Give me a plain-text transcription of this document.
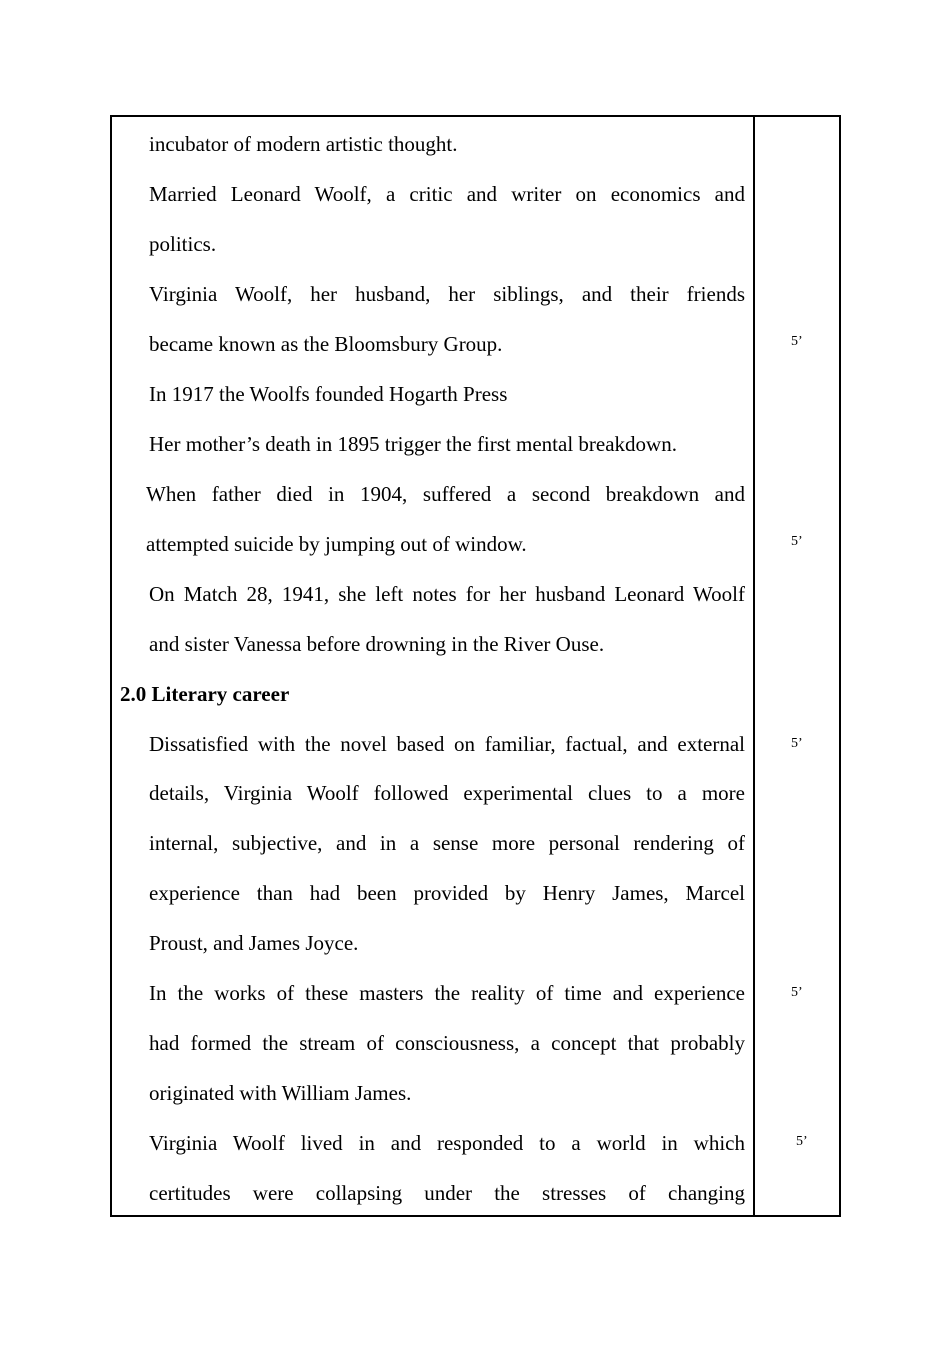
incubator of modern artistic thought.
Married Leonard Woolf, a critic and writer on economics and
politics.
Virginia Woolf, her husband, her siblings, and their friends
became known as the Bloomsbury Group.
In 1917 the Woolfs founded Hogarth Press
Her mother’s death in 1895 trigger the first mental breakdown.
When father died in 1904, suffered a second breakdown and
attempted suicide by jumping out of window.
On Match 28, 1941, she left notes for her husband Leonard Woolf
and sister Vanessa before drowning in the River Ouse.
2.0 Literary career
Dissatisfied with the novel based on familiar, factual, and external
details, Virginia Woolf followed experimental clues to a more
internal, subjective, and in a sense more personal rendering of
experience than had been provided by Henry James, Marcel
Proust, and James Joyce.
In the works of these masters the reality of time and experience
had formed the stream of consciousness, a concept that probably
originated with William James.
Virginia Woolf lived in and responded to a world in which
certitudes were collapsing under the stresses of changing
5’
5’
5’
5’
5’
